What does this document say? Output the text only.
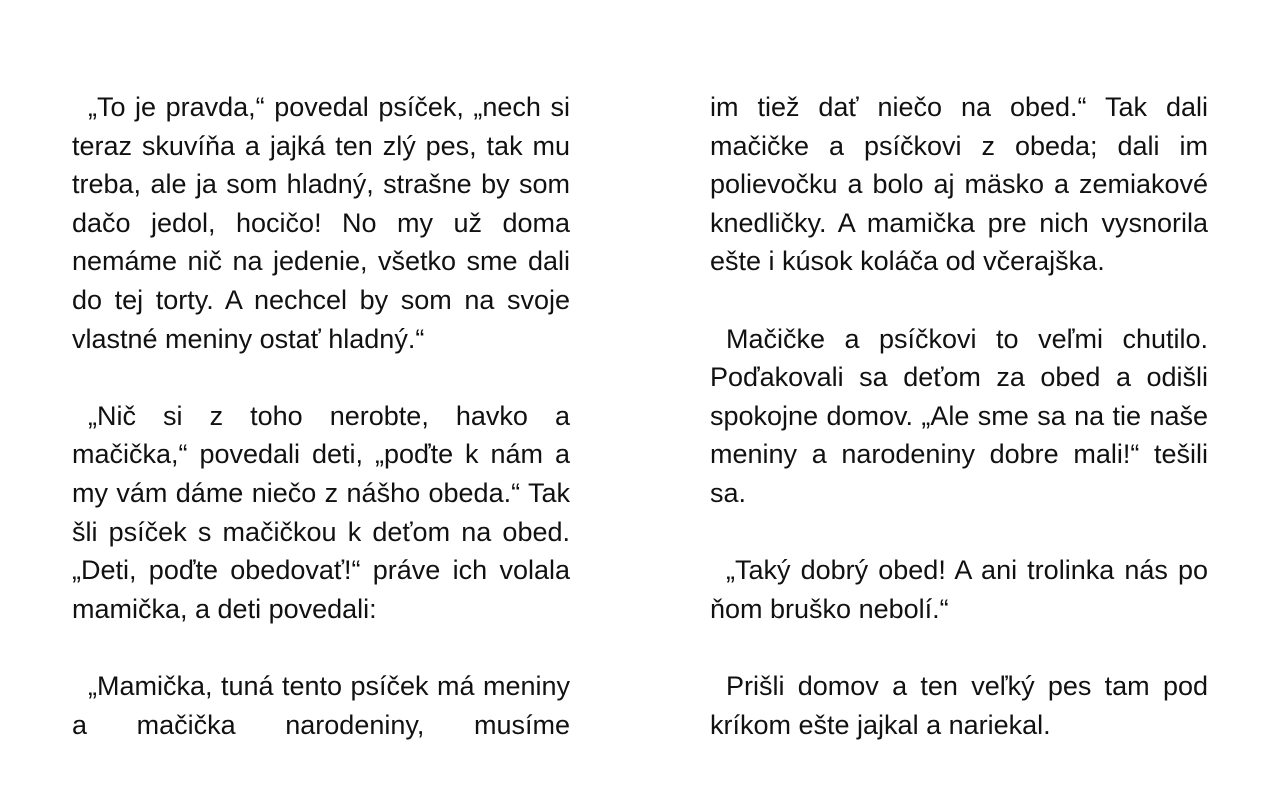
„To je pravda,“ povedal psíček, „nech si teraz skuvíňa a jajká ten zlý pes, tak mu treba, ale ja som hladný, strašne by som dačo jedol, hocičo! No my už doma nemáme nič na jedenie, všetko sme dali do tej torty. A nechcel by som na svoje vlastné meniny ostať hladný.“

„Nič si z toho nerobte, havko a mačička,“ povedali deti, „poďte k nám a my vám dáme niečo z nášho obeda.“ Tak šli psíček s mačičkou k deťom na obed. „Deti, poďte obedovať!“ práve ich volala mamička, a deti povedali:

„Mamička, tuná tento psíček má meniny a mačička narodeniny, musíme

im tiež dať niečo na obed.“ Tak dali mačičke a psíčkovi z obeda; dali im polievočku a bolo aj mäsko a zemiakové knedličky. A mamička pre nich vysnorila ešte i kúsok koláča od včerajška.

Mačičke a psíčkovi to veľmi chutilo. Poďakovali sa deťom za obed a odišli spokojne domov. „Ale sme sa na tie naše meniny a narodeniny dobre mali!“ tešili sa.

„Taký dobrý obed! A ani trolinka nás po ňom bruško nebolí.“

Prišli domov a ten veľký pes tam pod kríkom ešte jajkal a nariekal.
